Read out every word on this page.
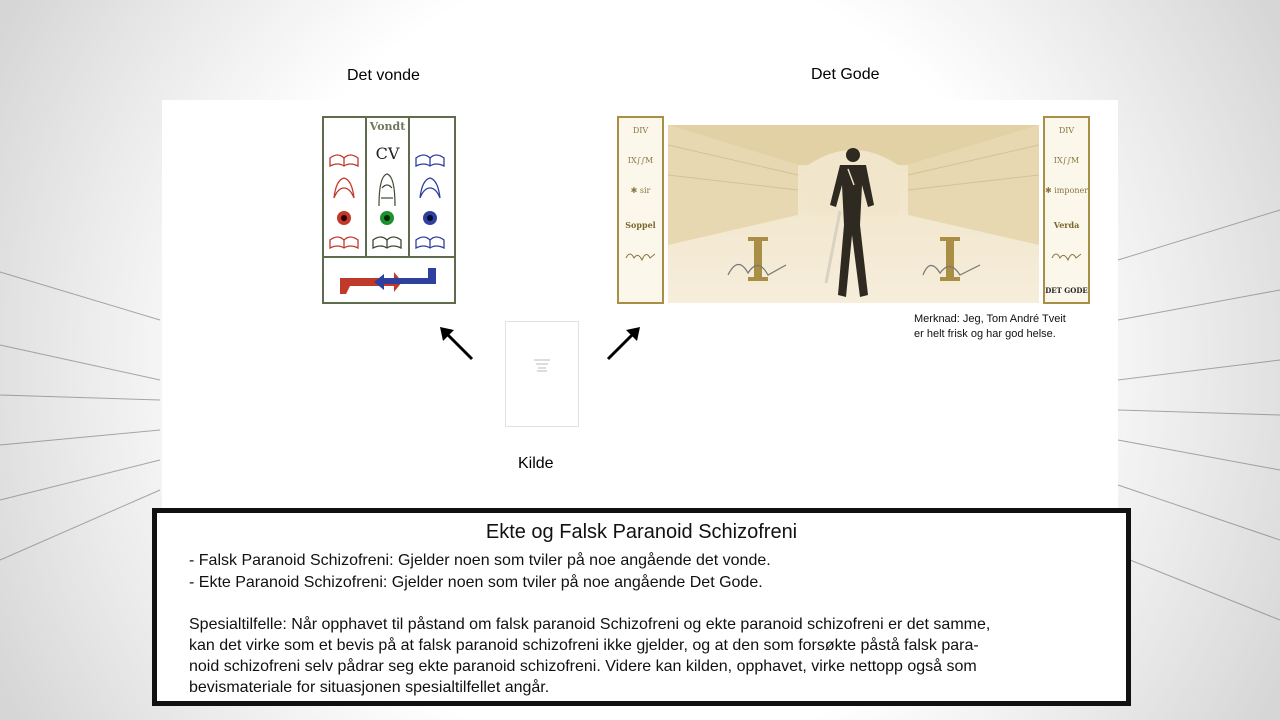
Det vonde	Det Gode
Vondt
CV
DIV
IX∫∫M
✱ sir
Soppel
DIV
IX∫∫M
✱ imponer
Verda
DET GODE
Merknad: Jeg, Tom André Tveit
er helt frisk og har god helse.
Kilde
Ekte og Falsk Paranoid Schizofreni
- Falsk Paranoid Schizofreni: Gjelder noen som tviler på noe angående det vonde.
- Ekte Paranoid Schizofreni: Gjelder noen som tviler på noe angående Det Gode.
Spesialtilfelle: Når opphavet til påstand om falsk paranoid Schizofreni og ekte paranoid schizofreni er det samme,
kan det virke som et bevis på at falsk paranoid schizofreni ikke gjelder, og at den som forsøkte påstå falsk para-
noid schizofreni selv pådrar seg ekte paranoid schizofreni. Videre kan kilden, opphavet, virke nettopp også som
bevismateriale for situasjonen spesialtilfellet angår.
